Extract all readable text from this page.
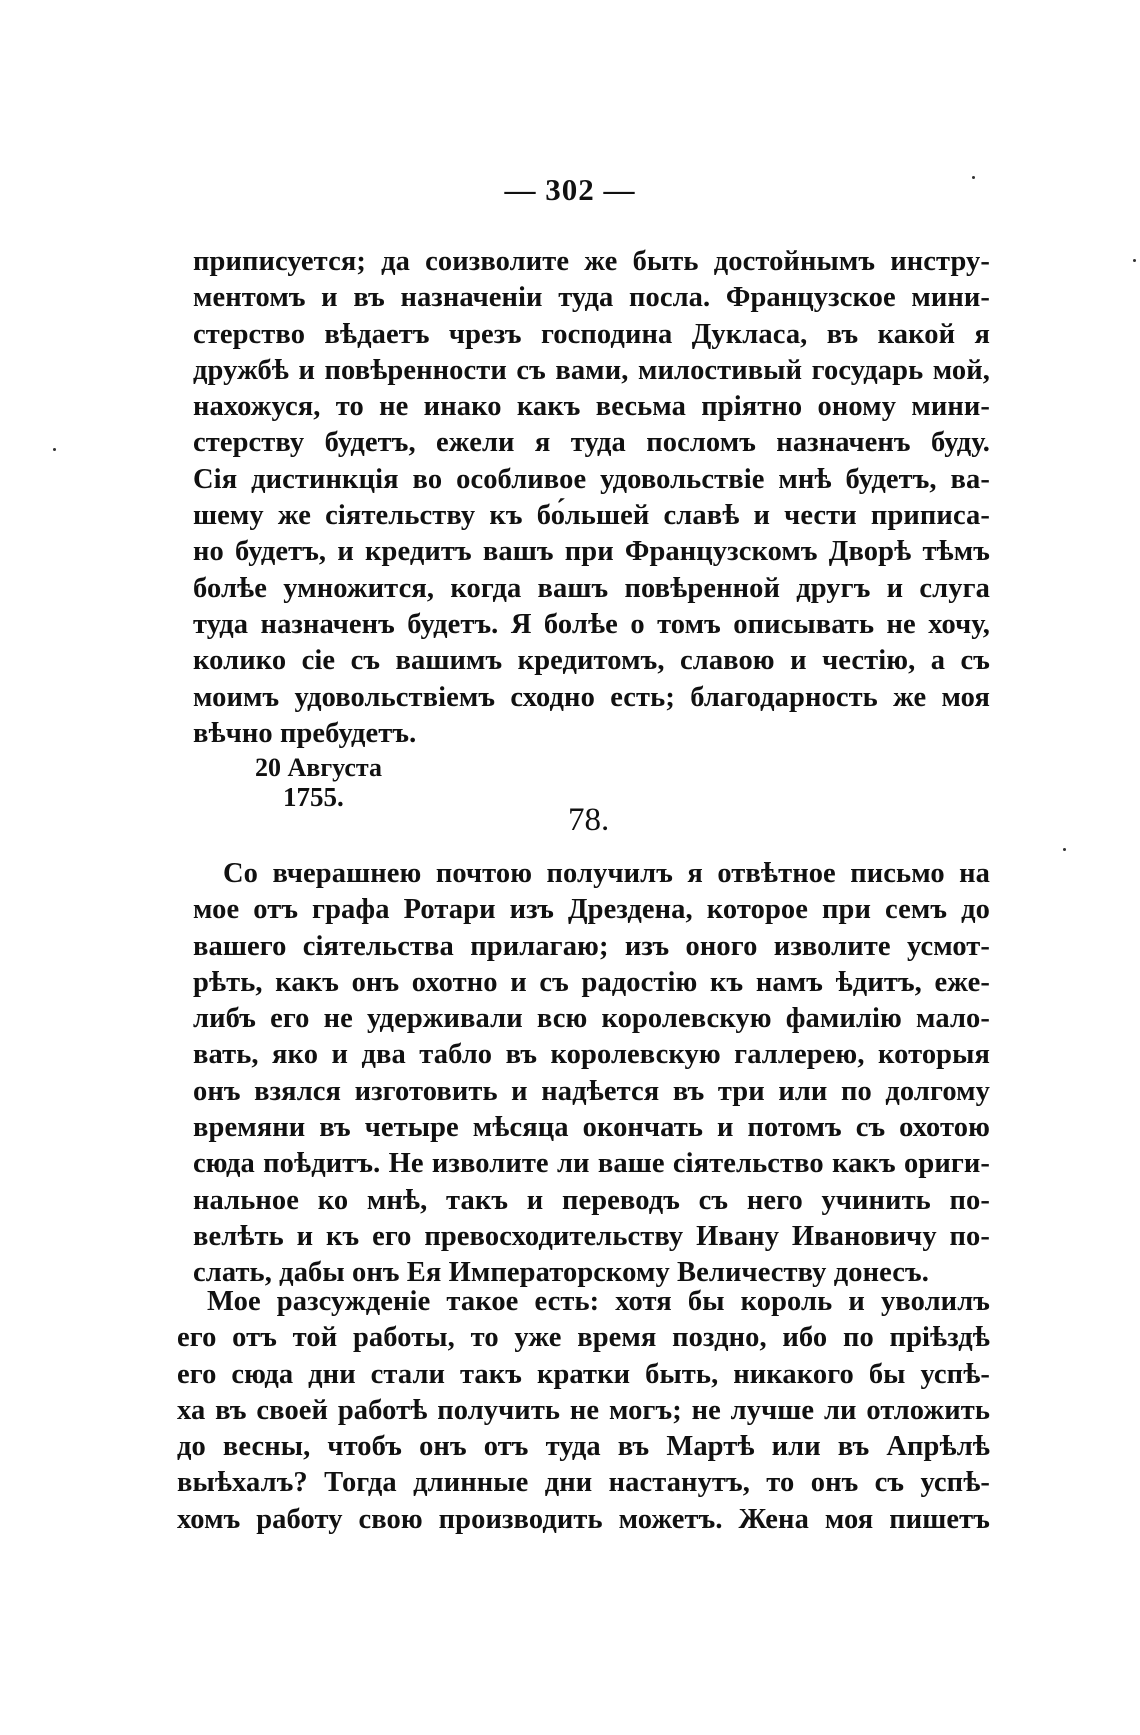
— 302 —
приписуется; да соизволите же быть достойнымъ инстру-
ментомъ и въ назначеніи туда посла. Французское мини-
стерство вѣдаетъ чрезъ господина Дукласа, въ какой я
дружбѣ и повѣренности съ вами, милостивый государь мой,
нахожуся, то не инако какъ весьма пріятно оному мини-
стерству будетъ, ежели я туда посломъ назначенъ буду.
Сія дистинкція во особливое удовольствіе мнѣ будетъ, ва-
шему же сіятельству къ бо́льшей славѣ и чести приписа-
но будетъ, и кредитъ вашъ при Французскомъ Дворѣ тѣмъ
болѣе умножится, когда вашъ повѣренной другъ и слуга
туда назначенъ будетъ. Я болѣе о томъ описывать не хочу,
колико сіе съ вашимъ кредитомъ, славою и честію, а съ
моимъ удовольствіемъ сходно есть; благодарность же моя
вѣчно пребудетъ.
20 Августа
1755.
78.
Со вчерашнею почтою получилъ я отвѣтное письмо на
мое отъ графа Ротари изъ Дрездена, которое при семъ до
вашего сіятельства прилагаю; изъ оного изволите усмот-
рѣть, какъ онъ охотно и съ радостію къ намъ ѣдитъ, еже-
либъ его не удерживали всю королевскую фамилію мало-
вать, яко и два табло въ королевскую галлерею, которыя
онъ взялся изготовить и надѣется въ три или по долгому
времяни въ четыре мѣсяца окончать и потомъ съ охотою
сюда поѣдитъ. Не изволите ли ваше сіятельство какъ ориги-
нальное ко мнѣ, такъ и переводъ съ него учинить по-
велѣть и къ его превосходительству Ивану Ивановичу по-
слать, дабы онъ Ея Императорскому Величеству донесъ.
Мое разсужденіе такое есть: хотя бы король и уволилъ
его отъ той работы, то уже время поздно, ибо по пріѣздѣ
его сюда дни стали такъ кратки быть, никакого бы успѣ-
ха въ своей работѣ получить не могъ; не лучше ли отложить
до весны, чтобъ онъ отъ туда въ Мартѣ или въ Апрѣлѣ
выѣхалъ? Тогда длинные дни настанутъ, то онъ съ успѣ-
хомъ работу свою производить можетъ. Жена моя пишетъ
